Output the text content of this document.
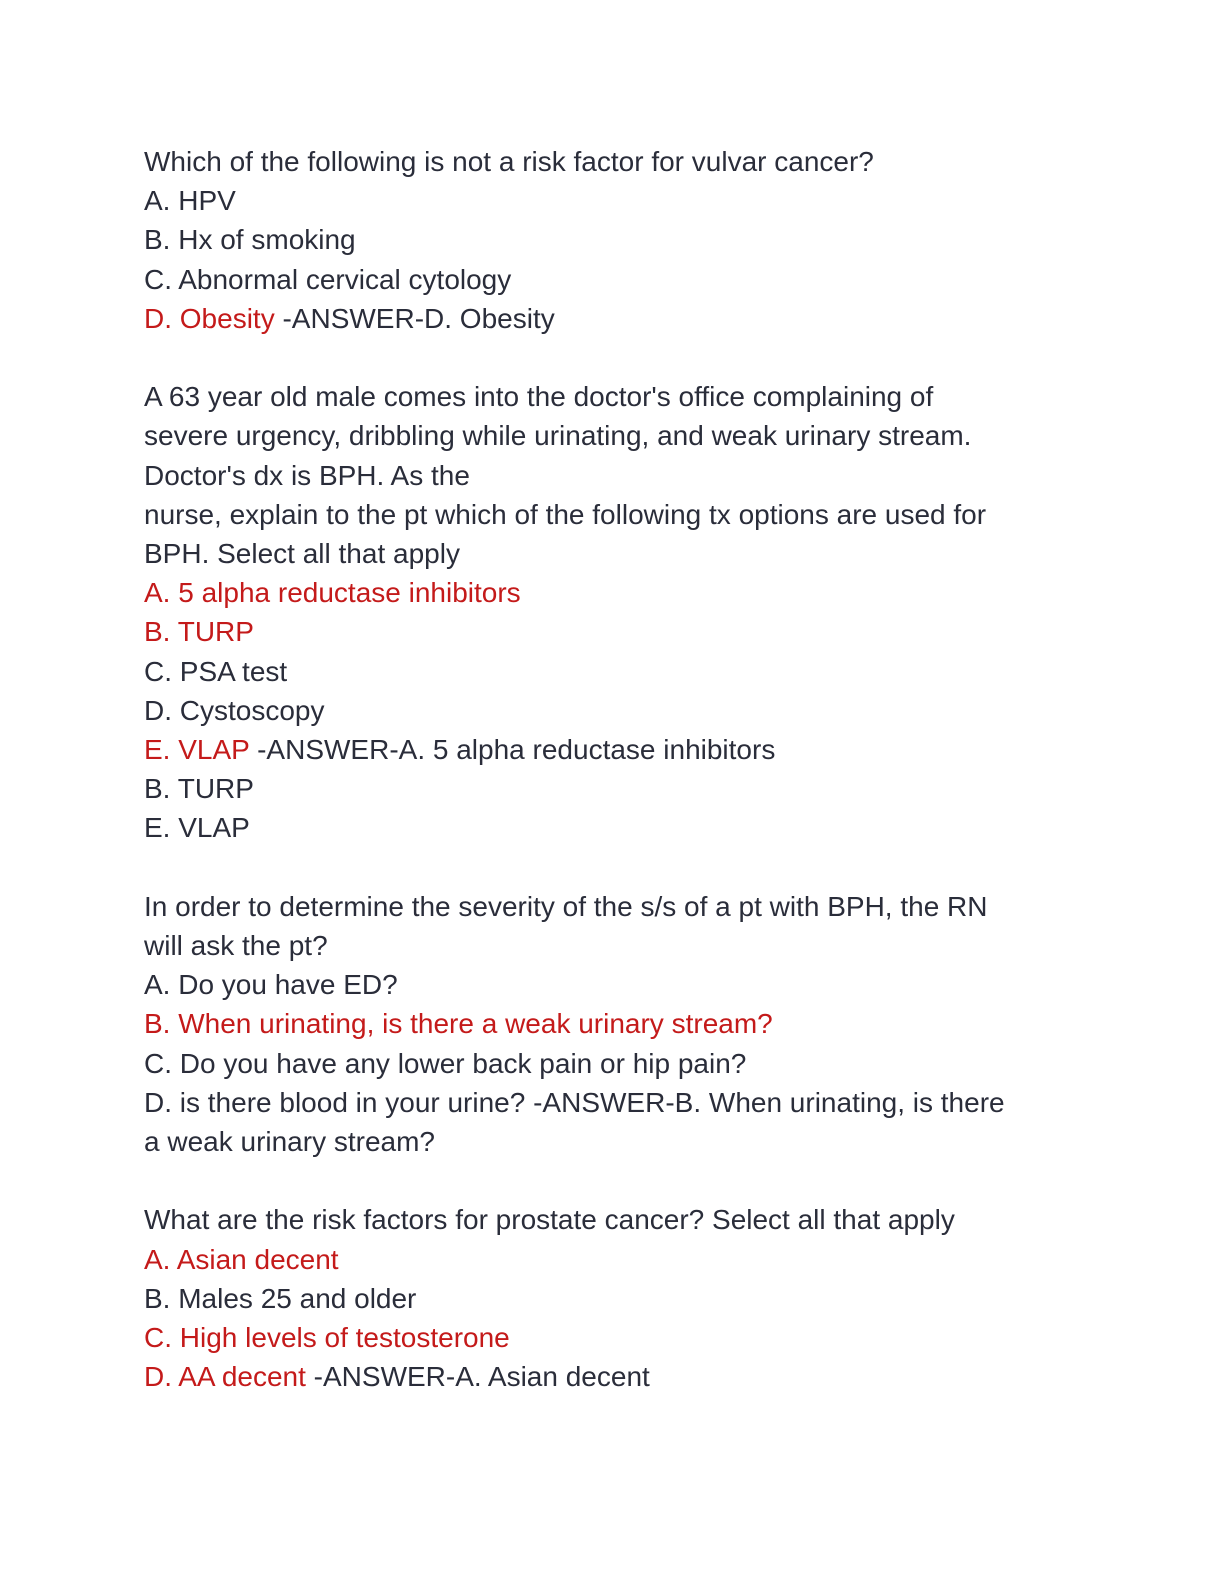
Which of the following is not a risk factor for vulvar cancer?
A. HPV
B. Hx of smoking
C. Abnormal cervical cytology
D. Obesity -ANSWER-D. Obesity
A 63 year old male comes into the doctor's office complaining of
severe urgency, dribbling while urinating, and weak urinary stream.
Doctor's dx is BPH. As the
nurse, explain to the pt which of the following tx options are used for
BPH. Select all that apply
A. 5 alpha reductase inhibitors
B. TURP
C. PSA test
D. Cystoscopy
E. VLAP -ANSWER-A. 5 alpha reductase inhibitors
B. TURP
E. VLAP
In order to determine the severity of the s/s of a pt with BPH, the RN
will ask the pt?
A. Do you have ED?
B. When urinating, is there a weak urinary stream?
C. Do you have any lower back pain or hip pain?
D. is there blood in your urine? -ANSWER-B. When urinating, is there
a weak urinary stream?
What are the risk factors for prostate cancer? Select all that apply
A. Asian decent
B. Males 25 and older
C. High levels of testosterone
D. AA decent -ANSWER-A. Asian decent
